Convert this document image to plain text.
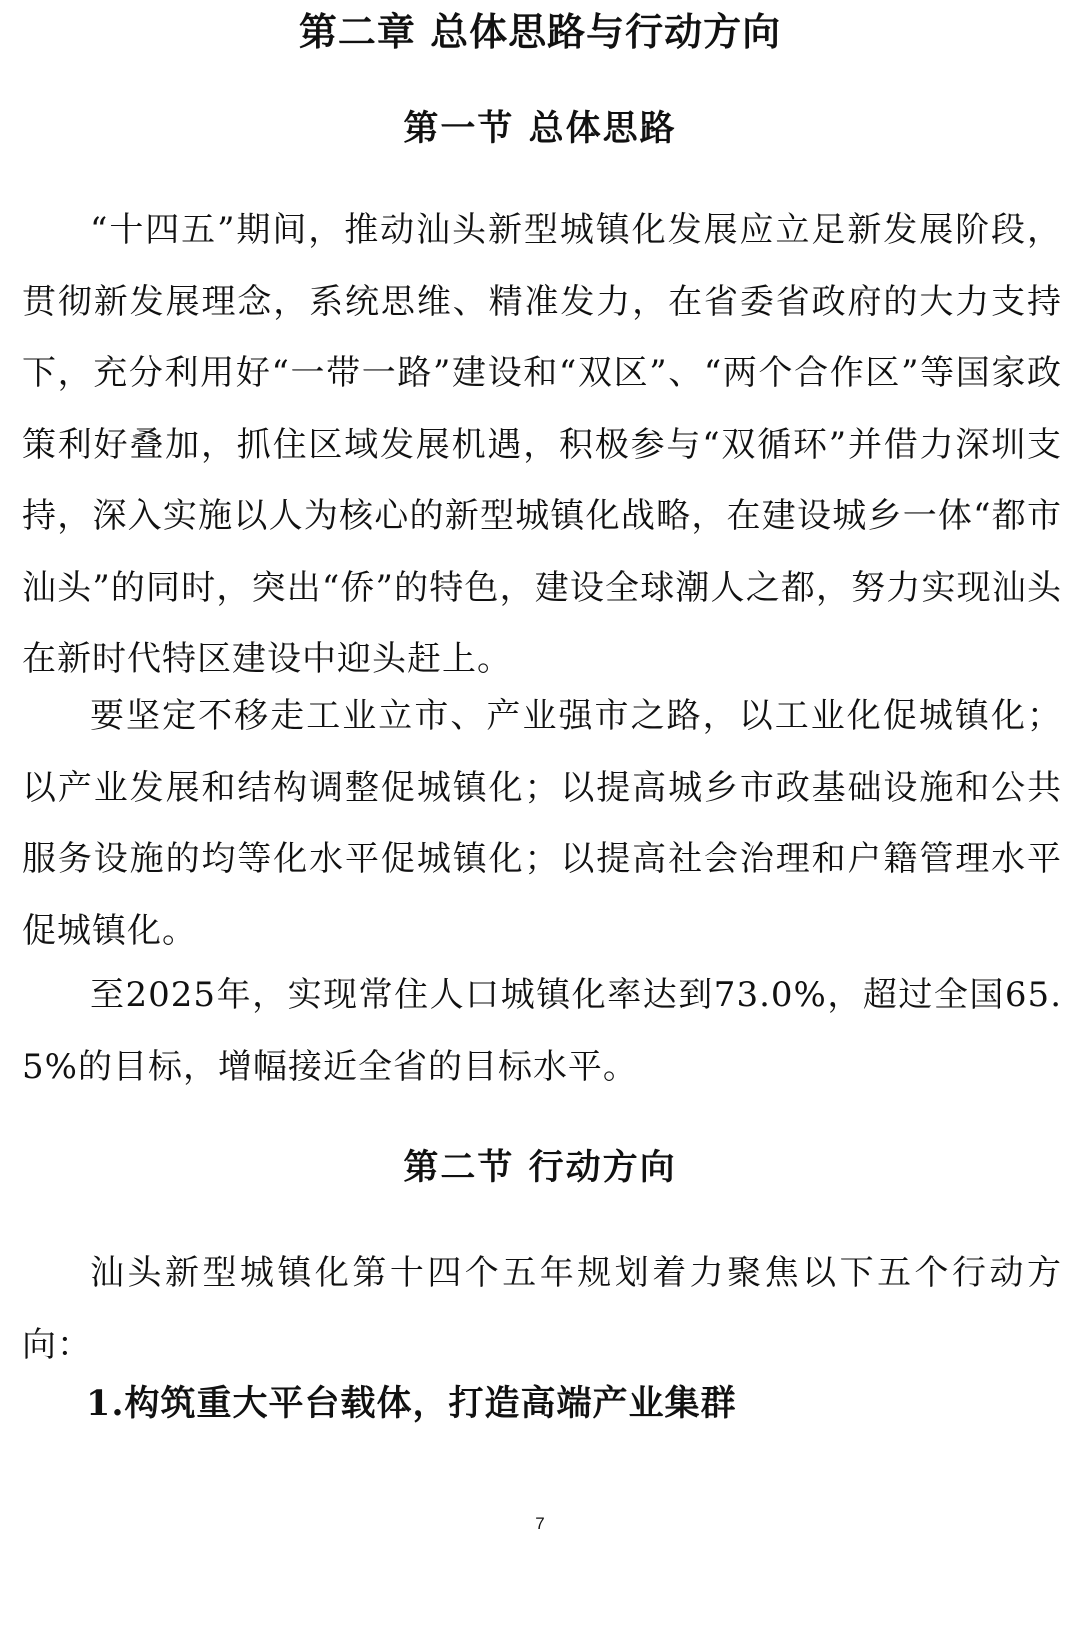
第二章 总体思路与行动方向
第一节 总体思路

“十四五”期间，推动汕头新型城镇化发展应立足新发展阶段，贯彻新发展理念，系统思维、精准发力，在省委省政府的大力支持下，充分利用好“一带一路”建设和“双区”、“两个合作区”等国家政策利好叠加，抓住区域发展机遇，积极参与“双循环”并借力深圳支持，深入实施以人为核心的新型城镇化战略，在建设城乡一体“都市汕头”的同时，突出“侨”的特色，建设全球潮人之都，努力实现汕头在新时代特区建设中迎头赶上。

要坚定不移走工业立市、产业强市之路，以工业化促城镇化；以产业发展和结构调整促城镇化；以提高城乡市政基础设施和公共服务设施的均等化水平促城镇化；以提高社会治理和户籍管理水平促城镇化。

至2025年，实现常住人口城镇化率达到73.0%，超过全国65.5%的目标，增幅接近全省的目标水平。

第二节 行动方向

汕头新型城镇化第十四个五年规划着力聚焦以下五个行动方向：

1.构筑重大平台载体，打造高端产业集群
7
